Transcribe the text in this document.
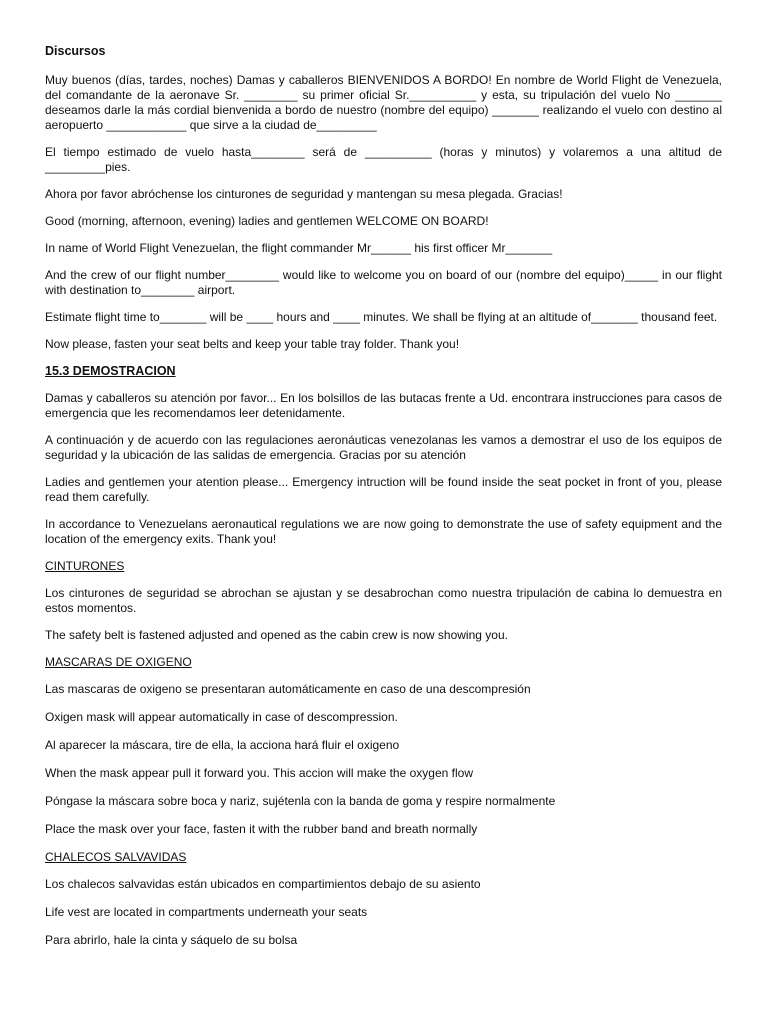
Discursos

Muy buenos (días, tardes, noches) Damas y caballeros BIENVENIDOS A BORDO! En nombre de World Flight de Venezuela, del comandante de la aeronave Sr. ________ su primer oficial Sr.__________ y esta, su tripulación del vuelo No _______ deseamos darle la más cordial bienvenida a bordo de nuestro (nombre del equipo) _______ realizando el vuelo con destino al aeropuerto ____________ que sirve a la ciudad de_________

El tiempo estimado de vuelo hasta________ será de __________ (horas y minutos) y volaremos a una altitud de _________pies.

Ahora por favor abróchense los cinturones de seguridad y mantengan su mesa plegada. Gracias!

Good (morning, afternoon, evening) ladies and gentlemen WELCOME ON BOARD!

In name of World Flight Venezuelan, the flight commander Mr______ his first officer Mr_______

And the crew of our flight number________ would like to welcome you on board of our (nombre del equipo)_____ in our flight with destination to________ airport.

Estimate flight time to_______ will be ____ hours and ____ minutes. We shall be flying at an altitude of_______ thousand feet.

Now please, fasten your seat belts and keep your table tray folder. Thank you!

15.3 DEMOSTRACION

Damas y caballeros su atención por favor... En los bolsillos de las butacas frente a Ud. encontrara instrucciones para casos de emergencia que les recomendamos leer detenidamente.

A continuación y de acuerdo con las regulaciones aeronáuticas venezolanas les vamos a demostrar el uso de los equipos de seguridad y la ubicación de las salidas de emergencia. Gracias por su atención

Ladies and gentlemen your atention please... Emergency intruction will be found inside the seat pocket in front of you, please read them carefully.

In accordance to Venezuelans aeronautical regulations we are now going to demonstrate the use of safety equipment and the location of the emergency exits. Thank you!

CINTURONES

Los cinturones de seguridad se abrochan se ajustan y se desabrochan como nuestra tripulación de cabina lo demuestra en estos momentos.

The safety belt is fastened adjusted and opened as the cabin crew is now showing you.

MASCARAS DE OXIGENO

Las mascaras de oxigeno se presentaran automáticamente en caso de una descompresión

Oxigen mask will appear automatically in case of descompression.

Al aparecer la máscara, tire de ella, la acciona hará fluir el oxigeno

When the mask appear pull it forward you. This accion will make the oxygen flow

Póngase la máscara sobre boca y nariz, sujétenla con la banda de goma y respire normalmente

Place the mask over your face, fasten it with the rubber band and breath normally

CHALECOS SALVAVIDAS

Los chalecos salvavidas están ubicados en compartimientos debajo de su asiento

Life vest are located in compartments underneath your seats

Para abrirlo, hale la cinta y sáquelo de su bolsa
